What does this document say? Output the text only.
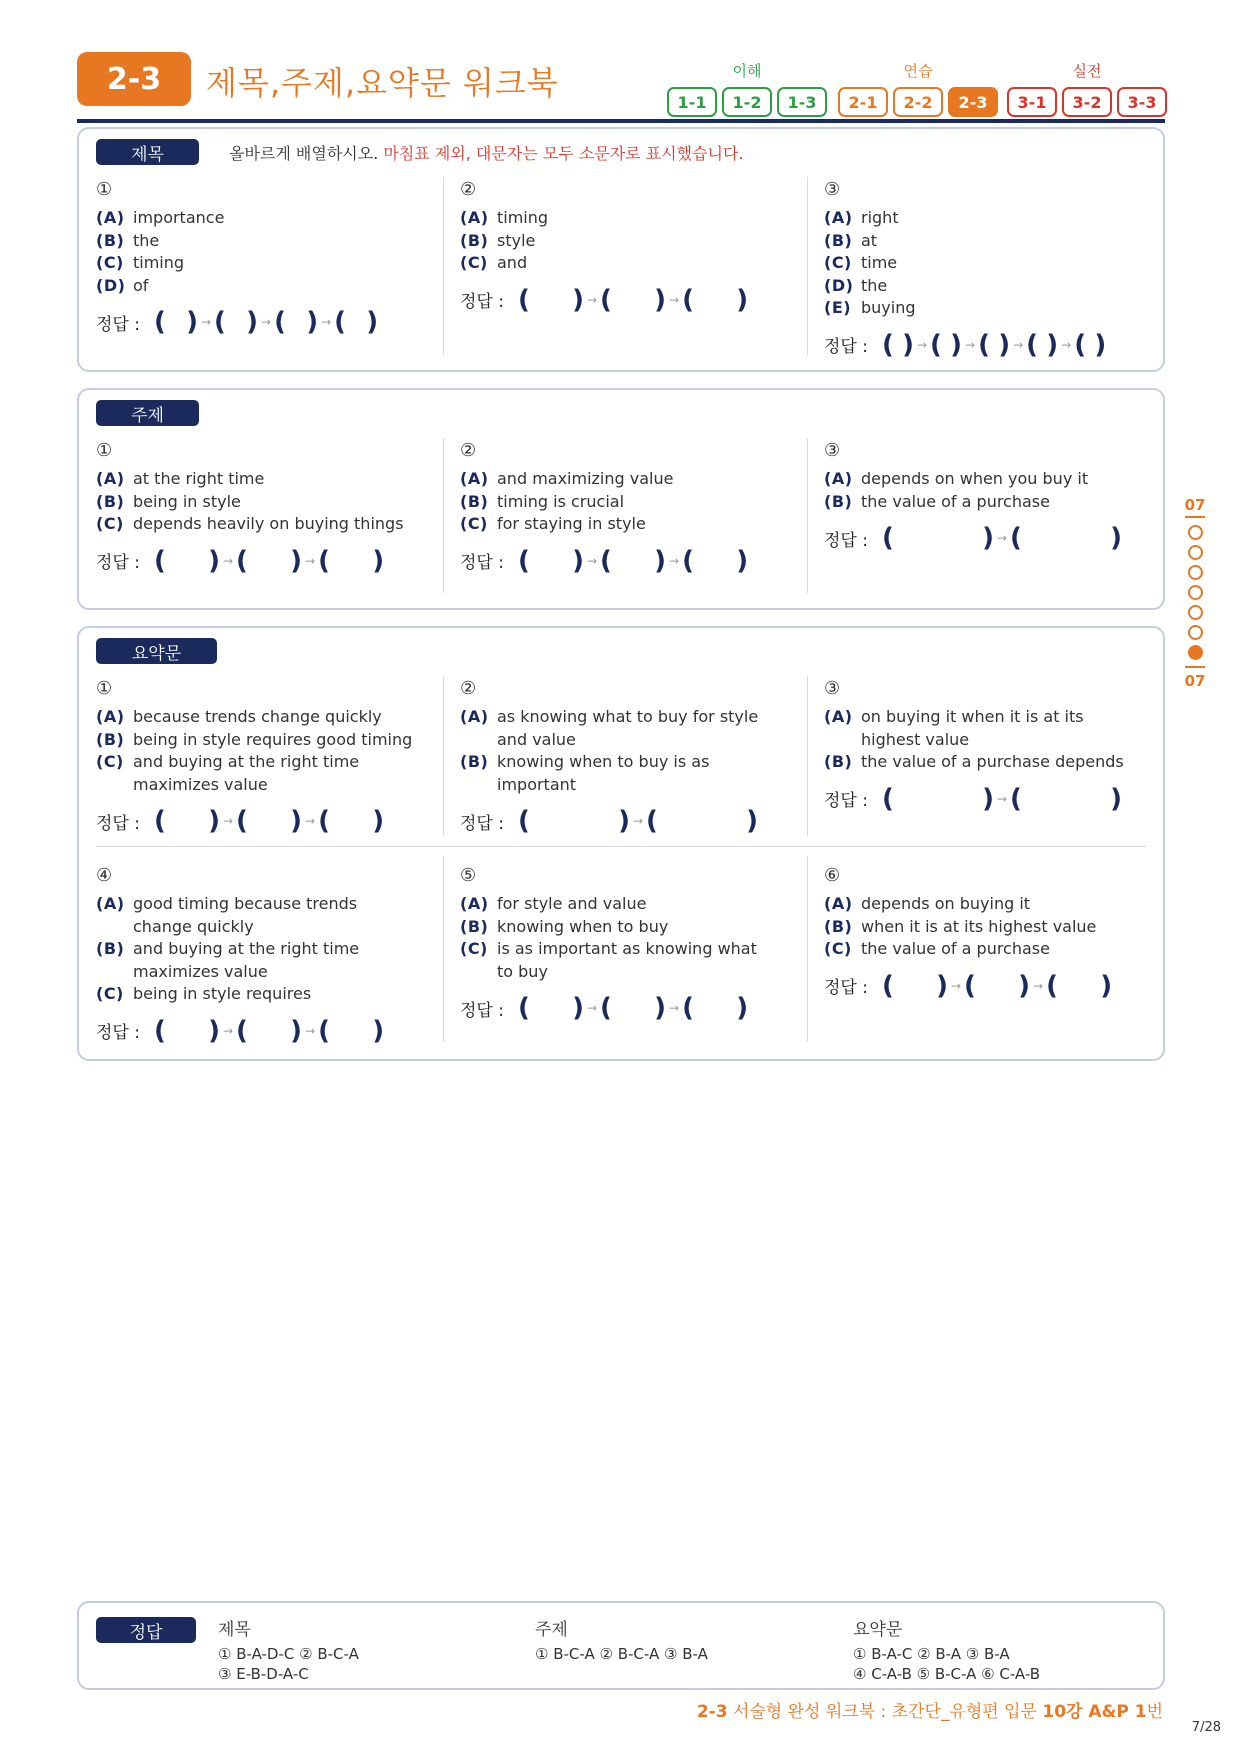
2-3	제목,주제,요약문 워크북	이해
1-1	1-2	1-3
연습
2-1	2-2	2-3
실전
3-1	3-2	3-3
제목	올바르게 배열하시오. 마침표 제외, 대문자는 모두 소문자로 표시했습니다.
①
(A) importance
(B) the
(C) timing
(D) of
정답 : ( ) → ( ) → ( ) → ( )
②
(A) timing
(B) style
(C) and
정답 : ( ) → ( ) → ( )
③
(A) right
(B) at
(C) time
(D) the
(E) buying
정답 : ( ) → ( ) → ( ) → ( ) → ( )
주제
①
(A) at the right time
(B) being in style
(C) depends heavily on buying things
정답 : ( ) → ( ) → ( )
②
(A) and maximizing value
(B) timing is crucial
(C) for staying in style
정답 : ( ) → ( ) → ( )
③
(A) depends on when you buy it
(B) the value of a purchase
정답 : (	) → (	)
요약문
①
(A) because trends change quickly
(B) being in style requires good timing
(C) and buying at the right time maximizes value
정답 : ( ) → ( ) → ( )
②
(A) as knowing what to buy for style and value
(B) knowing when to buy is as important
정답 : (	) → (	)
③
(A) on buying it when it is at its highest value
(B) the value of a purchase depends
정답 : (	) → (	)
④
(A) good timing because trends change quickly
(B) and buying at the right time maximizes value
(C) being in style requires
정답 : ( ) → ( ) → ( )
⑤
(A) for style and value
(B) knowing when to buy
(C) is as important as knowing what to buy
정답 : ( ) → ( ) → ( )
⑥
(A) depends on buying it
(B) when it is at its highest value
(C) the value of a purchase
정답 : ( ) → ( ) → ( )
07
07
정답	제목
① B-A-D-C ② B-C-A
③ E-B-D-A-C
주제
① B-C-A ② B-C-A ③ B-A
요약문
① B-A-C ② B-A ③ B-A
④ C-A-B ⑤ B-C-A ⑥ C-A-B
2-3 서술형 완성 워크북 : 초간단_유형편 입문 10강 A&P 1번
7/28
